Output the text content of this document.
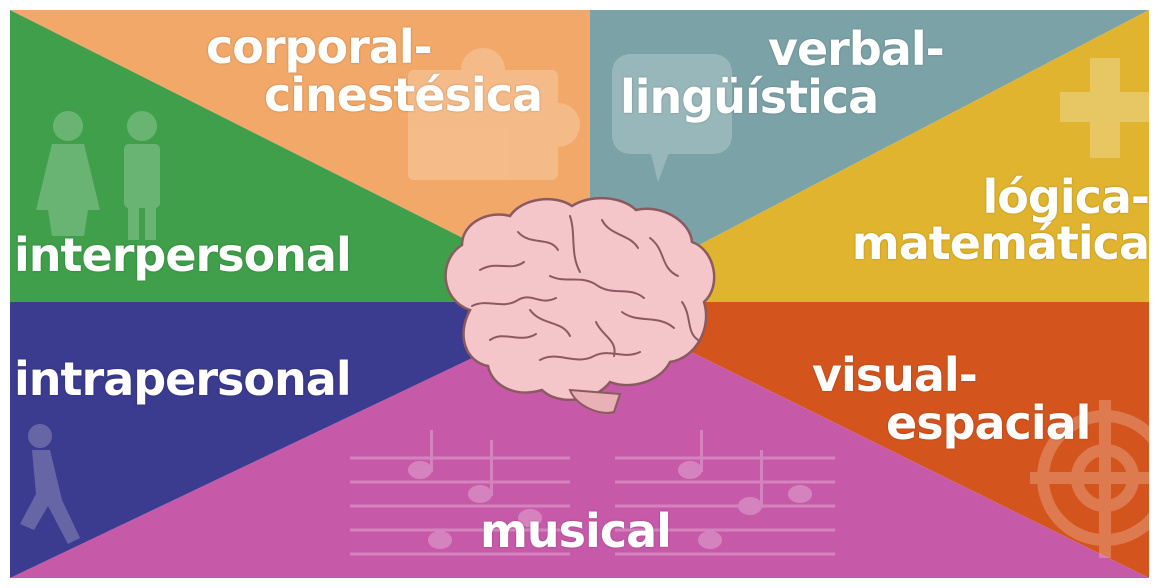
corporal-
cinestésica
verbal-
lingüística
lógica-
matemática
visual-
espacial
musical
intrapersonal
interpersonal
